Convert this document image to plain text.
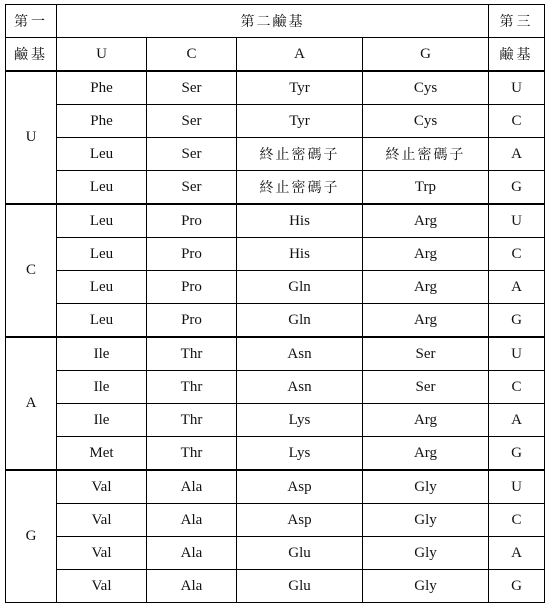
第一	第二鹼基				第三
鹼基	U	C	A	G	鹼基
U	Phe	Ser	Tyr	Cys	U
	Phe	Ser	Tyr	Cys	C
	Leu	Ser	終止密碼子	終止密碼子	A
	Leu	Ser	終止密碼子	Trp	G
C	Leu	Pro	His	Arg	U
	Leu	Pro	His	Arg	C
	Leu	Pro	Gln	Arg	A
	Leu	Pro	Gln	Arg	G
A	Ile	Thr	Asn	Ser	U
	Ile	Thr	Asn	Ser	C
	Ile	Thr	Lys	Arg	A
	Met	Thr	Lys	Arg	G
G	Val	Ala	Asp	Gly	U
	Val	Ala	Asp	Gly	C
	Val	Ala	Glu	Gly	A
	Val	Ala	Glu	Gly	G
